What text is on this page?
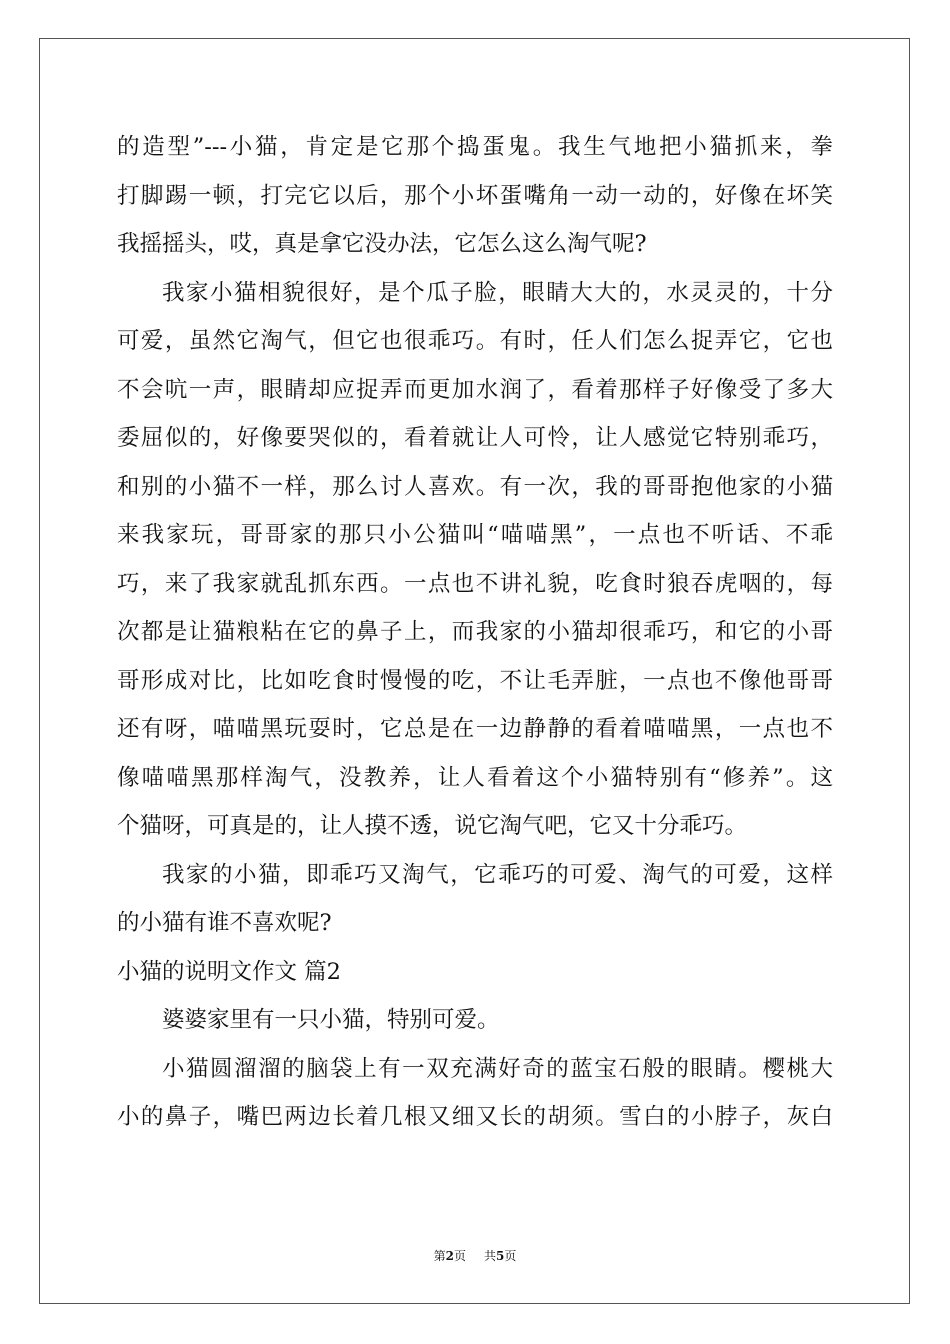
的造型”---小猫，肯定是它那个捣蛋鬼。我生气地把小猫抓来，拳
打脚踢一顿，打完它以后，那个小坏蛋嘴角一动一动的，好像在坏笑
我摇摇头，哎，真是拿它没办法，它怎么这么淘气呢?
我家小猫相貌很好，是个瓜子脸，眼睛大大的，水灵灵的，十分
可爱，虽然它淘气，但它也很乖巧。有时，任人们怎么捉弄它，它也
不会吭一声，眼睛却应捉弄而更加水润了，看着那样子好像受了多大
委屈似的，好像要哭似的，看着就让人可怜，让人感觉它特别乖巧，
和别的小猫不一样，那么讨人喜欢。有一次，我的哥哥抱他家的小猫
来我家玩，哥哥家的那只小公猫叫“喵喵黑”，一点也不听话、不乖
巧，来了我家就乱抓东西。一点也不讲礼貌，吃食时狼吞虎咽的，每
次都是让猫粮粘在它的鼻子上，而我家的小猫却很乖巧，和它的小哥
哥形成对比，比如吃食时慢慢的吃，不让毛弄脏，一点也不像他哥哥
还有呀，喵喵黑玩耍时，它总是在一边静静的看着喵喵黑，一点也不
像喵喵黑那样淘气，没教养，让人看着这个小猫特别有“修养”。这
个猫呀，可真是的，让人摸不透，说它淘气吧，它又十分乖巧。
我家的小猫，即乖巧又淘气，它乖巧的可爱、淘气的可爱，这样
的小猫有谁不喜欢呢?
小猫的说明文作文 篇2
婆婆家里有一只小猫，特别可爱。
小猫圆溜溜的脑袋上有一双充满好奇的蓝宝石般的眼睛。樱桃大
小的鼻子，嘴巴两边长着几根又细又长的胡须。雪白的小脖子，灰白
第2页 共5页
